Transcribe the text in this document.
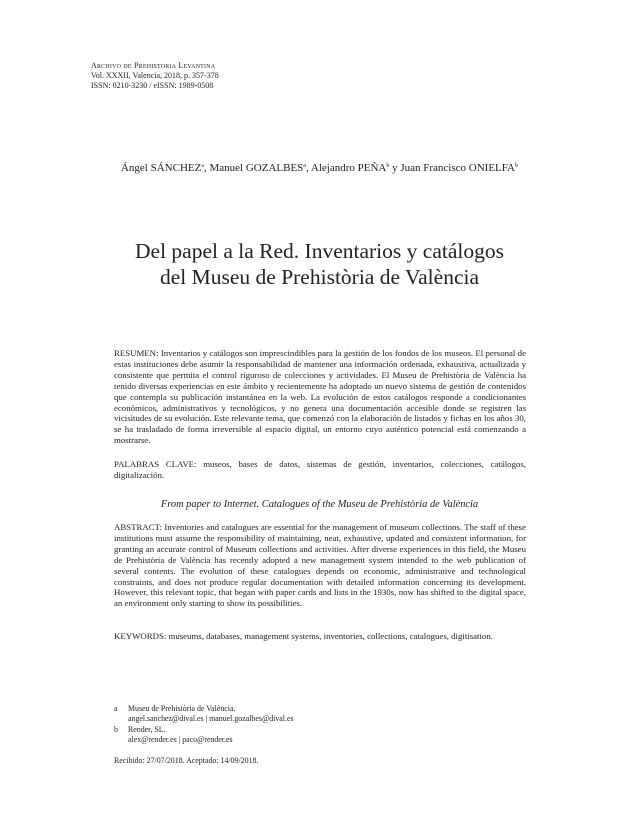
Archivo de Prehistoria Levantina
Vol. XXXII, Valencia, 2018, p. 357-378
ISSN: 0210-3230 / eISSN: 1989-0508
Ángel SÁNCHEZ$^a$, Manuel GOZALBES$^a$, Alejandro PEÑA$^b$ y Juan Francisco ONIELFA$^b$
Del papel a la Red. Inventarios y catálogos
del Museu de Prehistòria de València
RESUMEN: Inventarios y catálogos son imprescindibles para la gestión de los fondos de los museos. El personal de estas instituciones debe asumir la responsabilidad de mantener una información ordenada, exhaustiva, actualizada y consistente que permita el control riguroso de colecciones y actividades. El Museu de Prehistòria de València ha tenido diversas experiencias en este ámbito y recientemente ha adoptado un nuevo sistema de gestión de contenidos que contempla su publicación instantánea en la web. La evolución de estos catálogos responde a condicionantes económicos, administrativos y tecnológicos, y no genera una documentación accesible donde se registren las vicisitudes de su evolución. Este relevante tema, que comenzó con la elaboración de listados y fichas en los años 30, se ha trasladado de forma irreversible al espacio digital, un entorno cuyo auténtico potencial está comenzando a mostrarse.
PALABRAS CLAVE: museos, bases de datos, sistemas de gestión, inventarios, colecciones, catálogos, digitalización.
From paper to Internet. Catalogues of the Museu de Prehistòria de València
ABSTRACT: Inventories and catalogues are essential for the management of museum collections. The staff of these institutions must assume the responsibility of maintaining, neat, exhaustive, updated and consistent information, for granting an accurate control of Museum collections and activities. After diverse experiences in this field, the Museu de Prehistòria de València has recently adopted a new management system intended to the web publication of several contents. The evolution of these catalogues depends on economic, administrative and technological constraints, and does not produce regular documentation with detailed information concerning its development. However, this relevant topic, that began with paper cards and lists in the 1930s, now has shifted to the digital space, an environment only starting to show its possibilities.
KEYWORDS: museums, databases, management systems, inventories, collections, catalogues, digitisation.
a Museu de Prehistòria de València.
angel.sanchez@dival.es | manuel.gozalbes@dival.es
b Render, SL.
alex@render.es | paco@render.es
Recibido: 27/07/2018. Aceptado: 14/09/2018.
